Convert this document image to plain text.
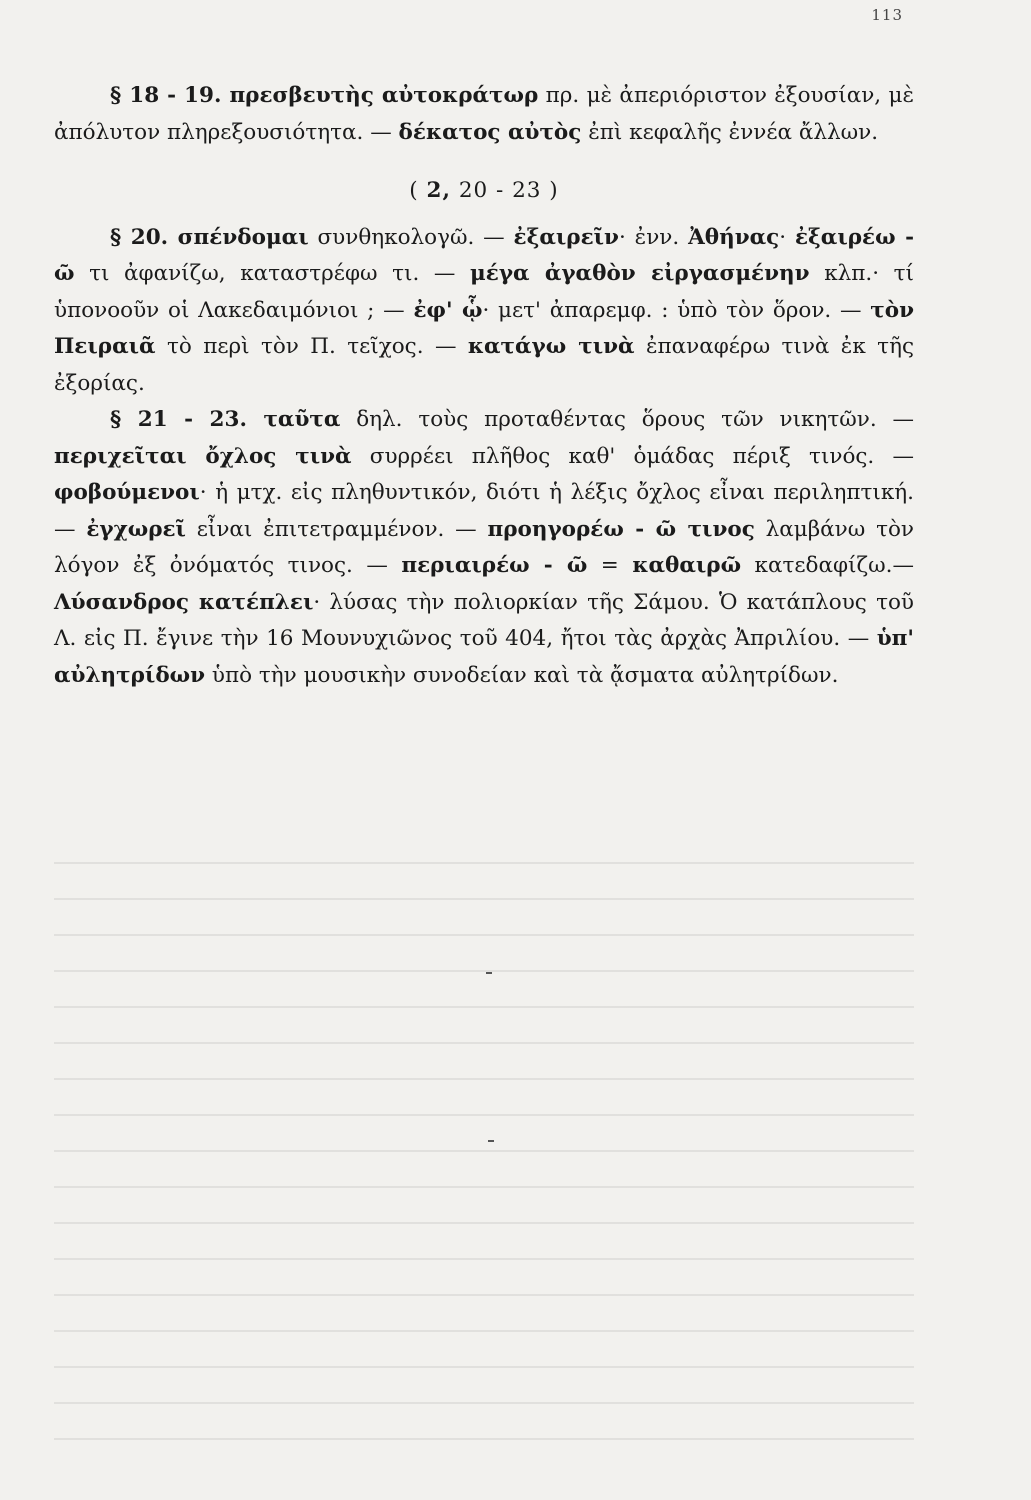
113

§ 18 - 19. πρεσβευτὴς αὐτοκράτωρ πρ. μὲ ἀπεριόριστον ἐξουσίαν, μὲ ἀπόλυτον πληρεξουσιότητα. — δέκατος αὐτὸς ἐπὶ κεφαλῆς ἐννέα ἄλλων.

( 2, 20 - 23 )

§ 20. σπένδομαι συνθηκολογῶ. — ἐξαιρεῖν· ἐνν. Ἀθήνας· ἐξαιρέω - ῶ τι ἀφανίζω, καταστρέφω τι. — μέγα ἀγαθὸν εἰργασμένην κλπ.· τί ὑπονοοῦν οἱ Λακεδαιμόνιοι ; — ἐφ' ᾧ· μετ' ἀπαρεμφ. : ὑπὸ τὸν ὅρον. — τὸν Πειραιᾶ τὸ περὶ τὸν Π. τεῖχος. — κατάγω τινὰ ἐπαναφέρω τινὰ ἐκ τῆς ἐξορίας.

§ 21 - 23. ταῦτα δηλ. τοὺς προταθέντας ὅρους τῶν νικητῶν. — περιχεῖται ὄχλος τινὰ συρρέει πλῆθος καθ' ὁμάδας πέριξ τινός. — φοβούμενοι· ἡ μτχ. εἰς πληθυντικόν, διότι ἡ λέξις ὄχλος εἶναι περιληπτική. — ἐγχωρεῖ εἶναι ἐπιτετραμμένον. — προηγορέω - ῶ τινος λαμβάνω τὸν λόγον ἐξ ὀνόματός τινος. — περιαιρέω - ῶ = καθαιρῶ κατεδαφίζω.— Λύσανδρος κατέπλει· λύσας τὴν πολιορκίαν τῆς Σάμου. Ὁ κατάπλους τοῦ Λ. εἰς Π. ἔγινε τὴν 16 Μουνυχιῶνος τοῦ 404, ἤτοι τὰς ἀρχὰς Ἀπριλίου. — ὑπ' αὐλητρίδων ὑπὸ τὴν μουσικὴν συνοδείαν καὶ τὰ ᾄσματα αὐλητρίδων.
